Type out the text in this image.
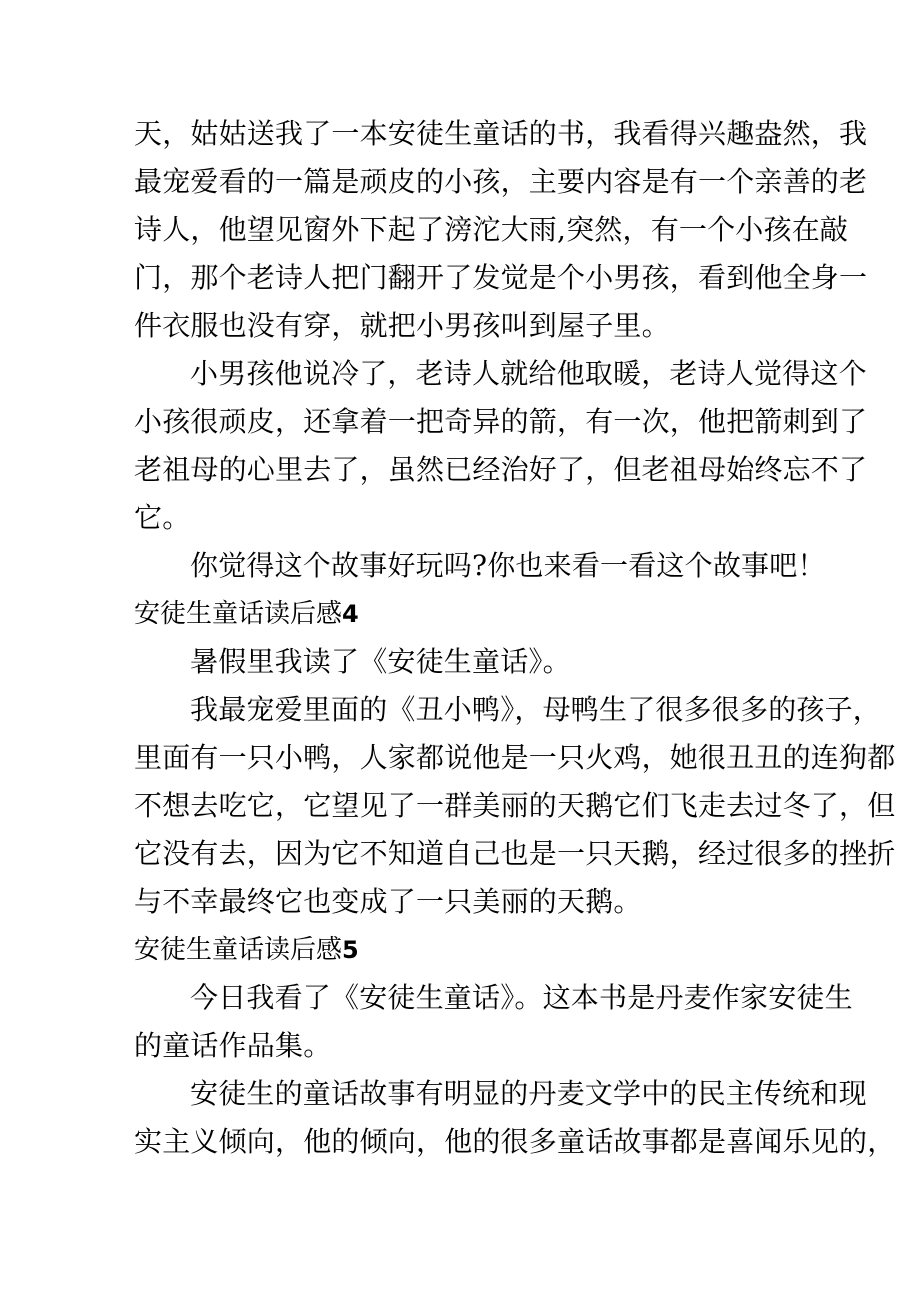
天，姑姑送我了一本安徒生童话的书，我看得兴趣盎然，我
最宠爱看的一篇是顽皮的小孩，主要内容是有一个亲善的老
诗人，他望见窗外下起了滂沱大雨,突然，有一个小孩在敲
门，那个老诗人把门翻开了发觉是个小男孩，看到他全身一
件衣服也没有穿，就把小男孩叫到屋子里。
小男孩他说冷了，老诗人就给他取暖，老诗人觉得这个
小孩很顽皮，还拿着一把奇异的箭，有一次，他把箭刺到了
老祖母的心里去了，虽然已经治好了，但老祖母始终忘不了
它。
你觉得这个故事好玩吗?你也来看一看这个故事吧！
安徒生童话读后感4
暑假里我读了《安徒生童话》。
我最宠爱里面的《丑小鸭》，母鸭生了很多很多的孩子，
里面有一只小鸭，人家都说他是一只火鸡，她很丑丑的连狗都
不想去吃它，它望见了一群美丽的天鹅它们飞走去过冬了，但
它没有去，因为它不知道自己也是一只天鹅，经过很多的挫折
与不幸最终它也变成了一只美丽的天鹅。
安徒生童话读后感5
今日我看了《安徒生童话》。这本书是丹麦作家安徒生
的童话作品集。
安徒生的童话故事有明显的丹麦文学中的民主传统和现
实主义倾向，他的倾向，他的很多童话故事都是喜闻乐见的，
